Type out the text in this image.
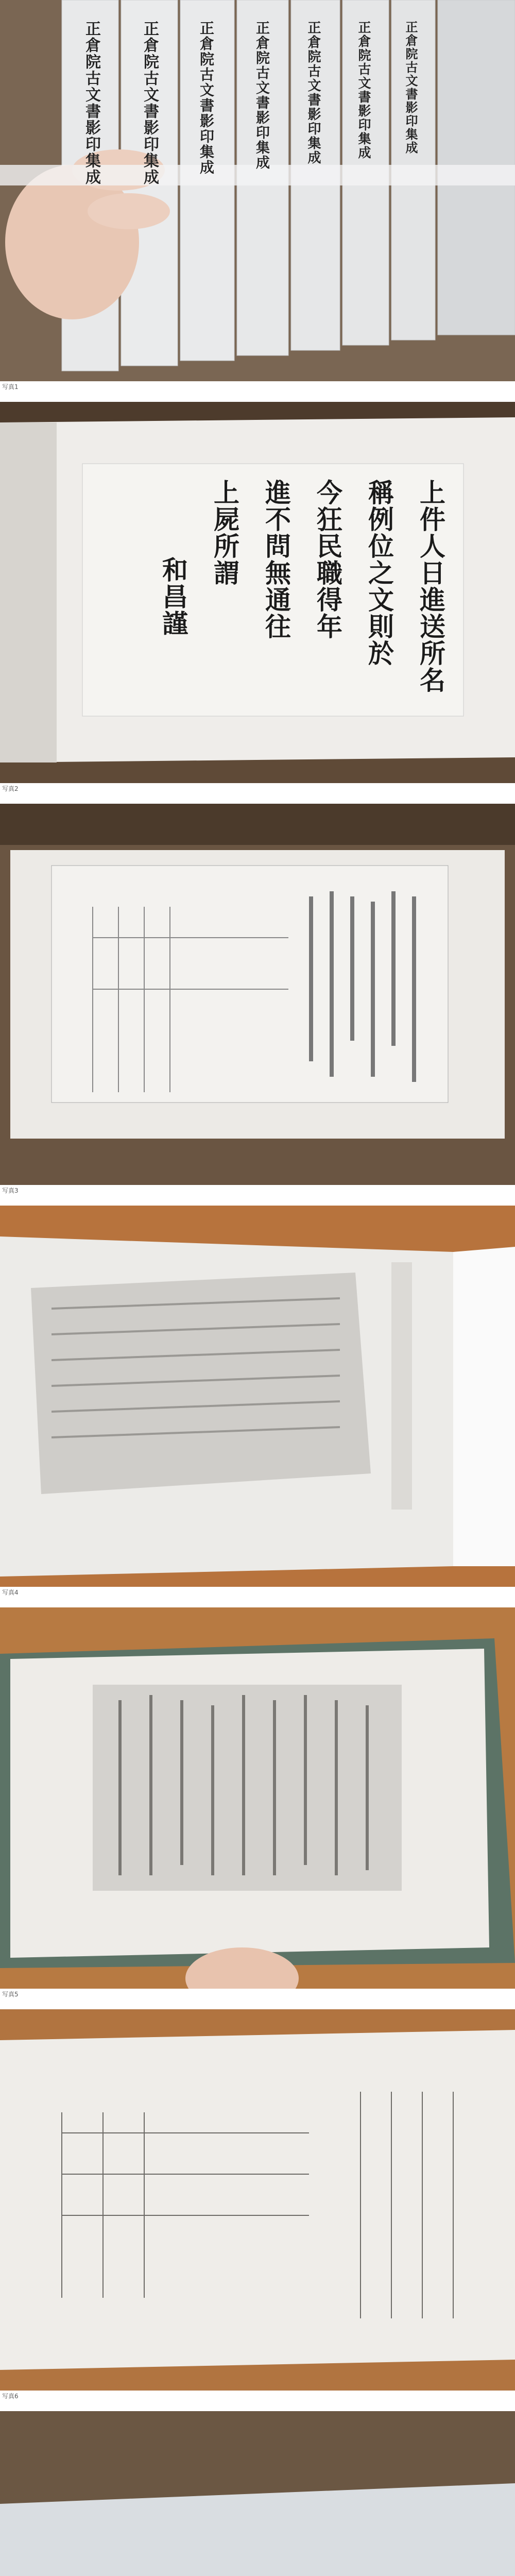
正倉院古文書影印集成	正倉院古文書影印集成	正倉院古文書影印集成	正倉院古文書影印集成	正倉院古文書影印集成	正倉院古文書影印集成	正倉院古文書影印集成
写真1
上件人日進送所名
稱例位之文則於
今狂民職得年
進不問無通往
上屍所謂
和昌謹
写真2
写真3
写真4
写真5
写真6
